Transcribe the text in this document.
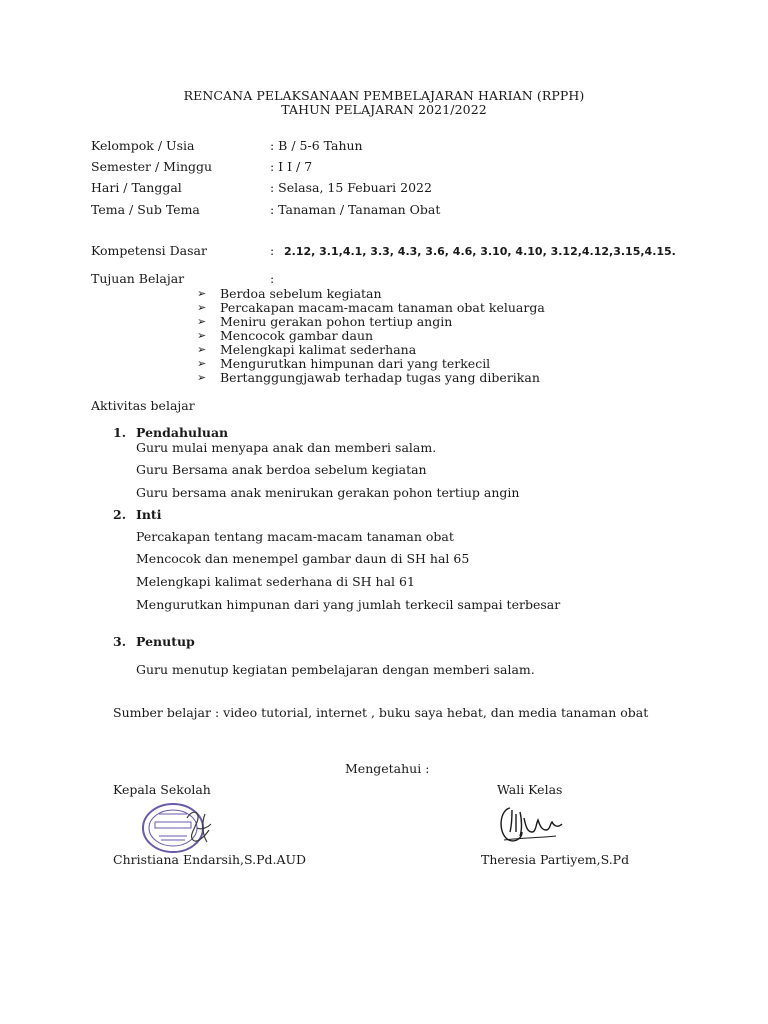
RENCANA PELAKSANAAN PEMBELAJARAN HARIAN (RPPH)
TAHUN PELAJARAN 2021/2022
Kelompok / Usia	: B / 5-6 Tahun
Semester / Minggu	: I I / 7
Hari / Tanggal	: Selasa, 15 Febuari 2022
Tema / Sub Tema	: Tanaman / Tanaman Obat
Kompetensi Dasar	: 2.12, 3.1,4.1, 3.3, 4.3, 3.6, 4.6, 3.10, 4.10, 3.12,4.12,3.15,4.15.
Tujuan Belajar	:
➢ Berdoa sebelum kegiatan
➢ Percakapan macam-macam tanaman obat keluarga
➢ Meniru gerakan pohon tertiup angin
➢ Mencocok gambar daun
➢ Melengkapi kalimat sederhana
➢ Mengurutkan himpunan dari yang terkecil
➢ Bertanggungjawab terhadap tugas yang diberikan
Aktivitas belajar
1. Pendahuluan
Guru mulai menyapa anak dan memberi salam.
Guru Bersama anak berdoa sebelum kegiatan
Guru bersama anak menirukan gerakan pohon tertiup angin
2. Inti
Percakapan tentang macam-macam tanaman obat
Mencocok dan menempel gambar daun di SH hal 65
Melengkapi kalimat sederhana di SH hal 61
Mengurutkan himpunan dari yang jumlah terkecil sampai terbesar
3. Penutup
Guru menutup kegiatan pembelajaran dengan memberi salam.
Sumber belajar : video tutorial, internet , buku saya hebat, dan media tanaman obat
Mengetahui :
Kepala Sekolah	Wali Kelas
Christiana Endarsih,S.Pd.AUD	Theresia Partiyem,S.Pd
